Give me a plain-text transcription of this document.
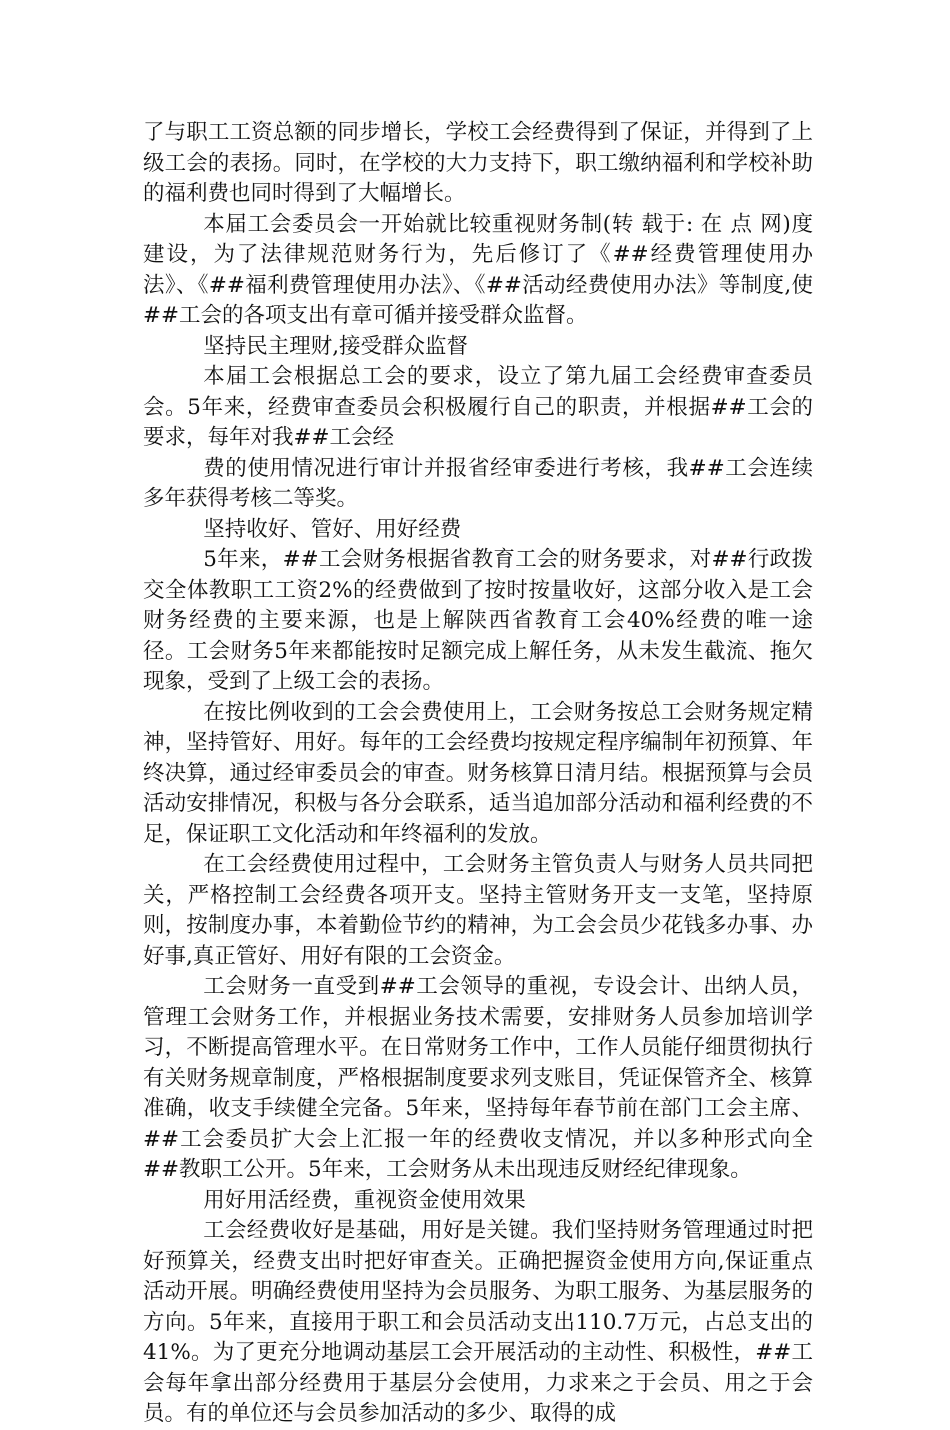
了与职工工资总额的同步增长，学校工会经费得到了保证，并得到了上级工会的表扬。同时，在学校的大力支持下，职工缴纳福利和学校补助的福利费也同时得到了大幅增长。

本届工会委员会一开始就比较重视财务制(转 载于: 在 点 网)度建设，为了法律规范财务行为，先后修订了《##经费管理使用办法》、《##福利费管理使用办法》、《##活动经费使用办法》等制度,使##工会的各项支出有章可循并接受群众监督。

坚持民主理财,接受群众监督

本届工会根据总工会的要求，设立了第九届工会经费审查委员会。5年来，经费审查委员会积极履行自己的职责，并根据##工会的要求，每年对我##工会经

费的使用情况进行审计并报省经审委进行考核，我##工会连续多年获得考核二等奖。

坚持收好、管好、用好经费

5年来，##工会财务根据省教育工会的财务要求，对##行政拨交全体教职工工资2%的经费做到了按时按量收好，这部分收入是工会财务经费的主要来源，也是上解陕西省教育工会40%经费的唯一途径。工会财务5年来都能按时足额完成上解任务，从未发生截流、拖欠现象，受到了上级工会的表扬。

在按比例收到的工会会费使用上，工会财务按总工会财务规定精神，坚持管好、用好。每年的工会经费均按规定程序编制年初预算、年终决算，通过经审委员会的审查。财务核算日清月结。根据预算与会员活动安排情况，积极与各分会联系，适当追加部分活动和福利经费的不足，保证职工文化活动和年终福利的发放。

在工会经费使用过程中，工会财务主管负责人与财务人员共同把关，严格控制工会经费各项开支。坚持主管财务开支一支笔，坚持原则，按制度办事，本着勤俭节约的精神，为工会会员少花钱多办事、办好事,真正管好、用好有限的工会资金。

工会财务一直受到##工会领导的重视，专设会计、出纳人员，管理工会财务工作，并根据业务技术需要，安排财务人员参加培训学习，不断提高管理水平。在日常财务工作中，工作人员能仔细贯彻执行有关财务规章制度，严格根据制度要求列支账目，凭证保管齐全、核算准确，收支手续健全完备。5年来，坚持每年春节前在部门工会主席、##工会委员扩大会上汇报一年的经费收支情况，并以多种形式向全##教职工公开。5年来，工会财务从未出现违反财经纪律现象。

用好用活经费，重视资金使用效果

工会经费收好是基础，用好是关键。我们坚持财务管理通过时把好预算关，经费支出时把好审查关。正确把握资金使用方向,保证重点活动开展。明确经费使用坚持为会员服务、为职工服务、为基层服务的方向。5年来，直接用于职工和会员活动支出110.7万元，占总支出的41%。为了更充分地调动基层工会开展活动的主动性、积极性，##工会每年拿出部分经费用于基层分会使用，力求来之于会员、用之于会员。有的单位还与会员参加活动的多少、取得的成
